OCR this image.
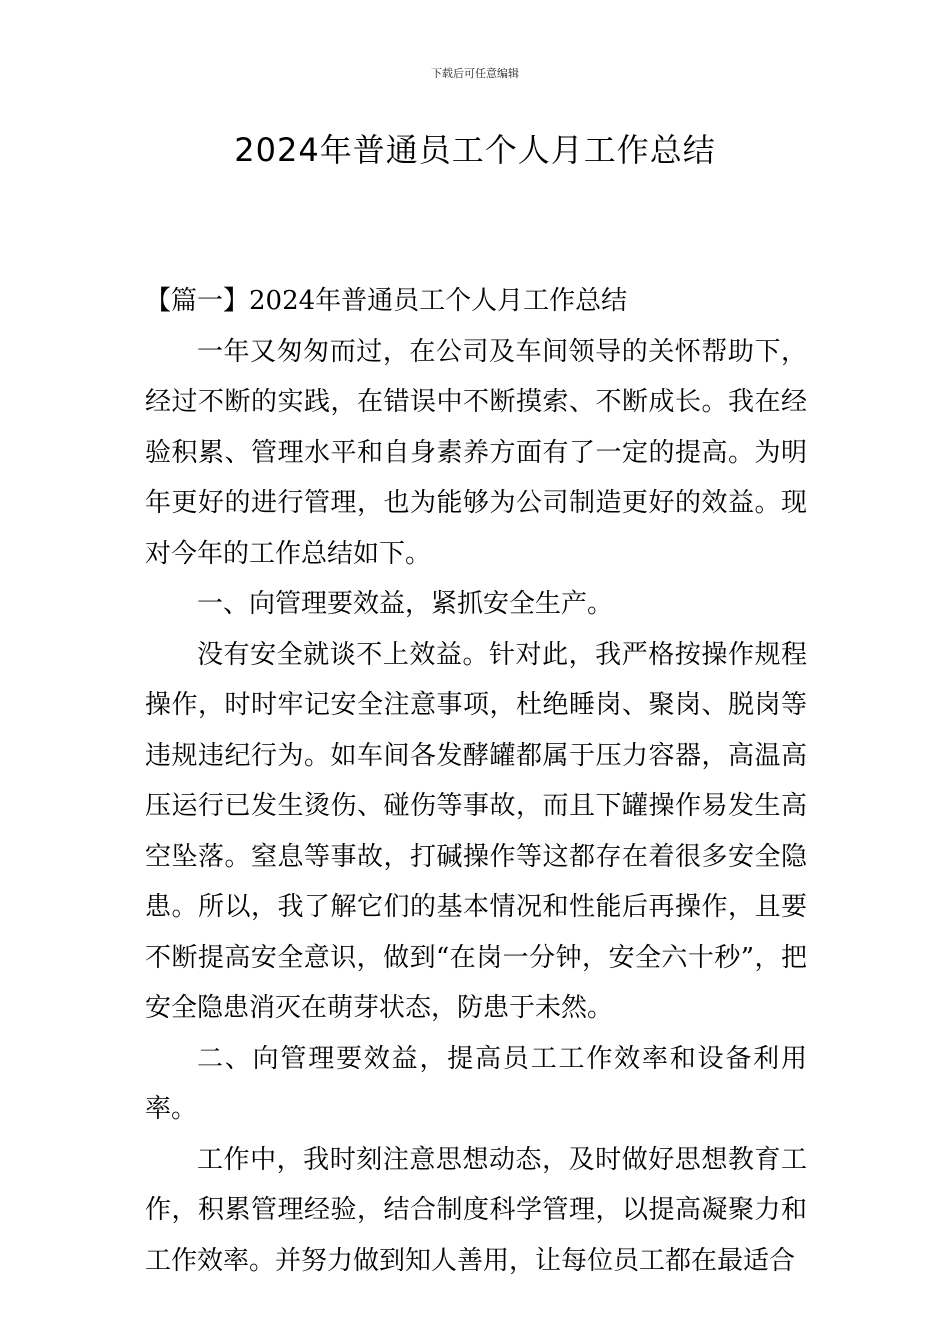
下载后可任意编辑
2024年普通员工个人月工作总结

【篇一】2024年普通员工个人月工作总结

一年又匆匆而过，在公司及车间领导的关怀帮助下，经过不断的实践，在错误中不断摸索、不断成长。我在经验积累、管理水平和自身素养方面有了一定的提高。为明年更好的进行管理，也为能够为公司制造更好的效益。现对今年的工作总结如下。

一、向管理要效益，紧抓安全生产。

没有安全就谈不上效益。针对此，我严格按操作规程操作，时时牢记安全注意事项，杜绝睡岗、聚岗、脱岗等违规违纪行为。如车间各发酵罐都属于压力容器，高温高压运行已发生烫伤、碰伤等事故，而且下罐操作易发生高空坠落。窒息等事故，打碱操作等这都存在着很多安全隐患。所以，我了解它们的基本情况和性能后再操作，且要不断提高安全意识，做到“在岗一分钟，安全六十秒”，把安全隐患消灭在萌芽状态，防患于未然。

二、向管理要效益，提高员工工作效率和设备利用率。

工作中，我时刻注意思想动态，及时做好思想教育工作，积累管理经验，结合制度科学管理，以提高凝聚力和工作效率。并努力做到知人善用，让每位员工都在最适合
